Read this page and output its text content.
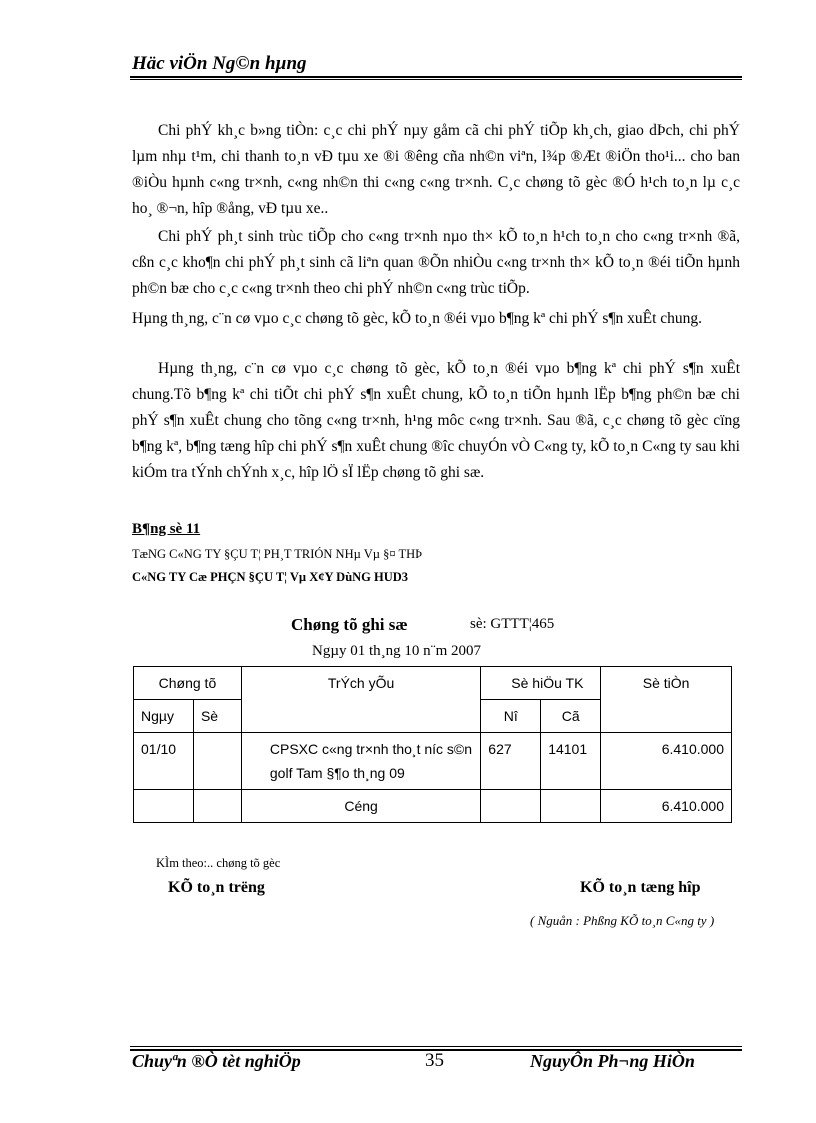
Häc viÖn Ng©n hµng
Chi phÝ kh¸c b»ng tiÒn: c¸c chi phÝ nµy gåm cã chi phÝ tiÕp kh¸ch, giao dÞch, chi phÝ lµm nhµ t¹m, chi thanh to¸n vÐ tµu xe ®i ®êng cña nh©n viªn, l¾p ®Æt ®iÖn tho¹i... cho ban ®iÒu hµnh c«ng tr×nh, c«ng nh©n thi c«ng c«ng tr×nh. C¸c chøng tõ gèc ®Ó h¹ch to¸n lµ c¸c ho¸ ®¬n, hîp ®ång, vÐ tµu xe..
Chi phÝ ph¸t sinh trùc tiÕp cho c«ng tr×nh nµo th× kÕ to¸n h¹ch to¸n cho c«ng tr×nh ®ã, cßn c¸c kho¶n chi phÝ ph¸t sinh cã liªn quan ®Õn nhiÒu c«ng tr×nh th× kÕ to¸n ®éi tiÕn hµnh ph©n bæ cho c¸c c«ng tr×nh theo chi phÝ nh©n c«ng trùc tiÕp.
Hµng th¸ng, c¨n cø vµo c¸c chøng tõ gèc, kÕ to¸n ®éi vµo b¶ng kª chi phÝ s¶n xuÊt chung.
Hµng th¸ng, c¨n cø vµo c¸c chøng tõ gèc, kÕ to¸n ®éi vµo b¶ng kª chi phÝ s¶n xuÊt chung.Tõ b¶ng kª chi tiÕt chi phÝ s¶n xuÊt chung, kÕ to¸n tiÕn hµnh lËp b¶ng ph©n bæ chi phÝ s¶n xuÊt chung cho tõng c«ng tr×nh, h¹ng môc c«ng tr×nh. Sau ®ã, c¸c chøng tõ gèc cïng b¶ng kª, b¶ng tæng hîp chi phÝ s¶n xuÊt chung ®îc chuyÓn vÒ C«ng ty, kÕ to¸n C«ng ty sau khi kiÓm tra tÝnh chÝnh x¸c, hîp lÖ sÏ lËp chøng tõ ghi sæ.
B¶ng sè 11
TæNG C«NG TY §ÇU T¦ PH¸T TRIÓN NHµ Vµ §¤ THÞ
C«NG TY Cæ PHÇN §ÇU T¦ Vµ X¢Y DùNG HUD3
Chøng tõ ghi sæ	sè: GTTT¦465
Ngµy 01 th¸ng 10 n¨m 2007
Chøng tõ		TrÝch yÕu	Sè hiÖu TK		Sè tiÒn
Ngµy	Sè		Nî	Cã	
01/10		CPSXC c«ng tr×nh tho¸t níc s©n golf Tam §¶o th¸ng 09	627	14101	6.410.000
		Céng			6.410.000
KÌm theo:.. chøng tõ gèc
KÕ to¸n trëng	KÕ to¸n tæng hîp
( Nguån : Phßng KÕ to¸n C«ng ty )
Chuyªn ®Ò tèt nghiÖp	35	NguyÔn Ph¬ng HiÒn
